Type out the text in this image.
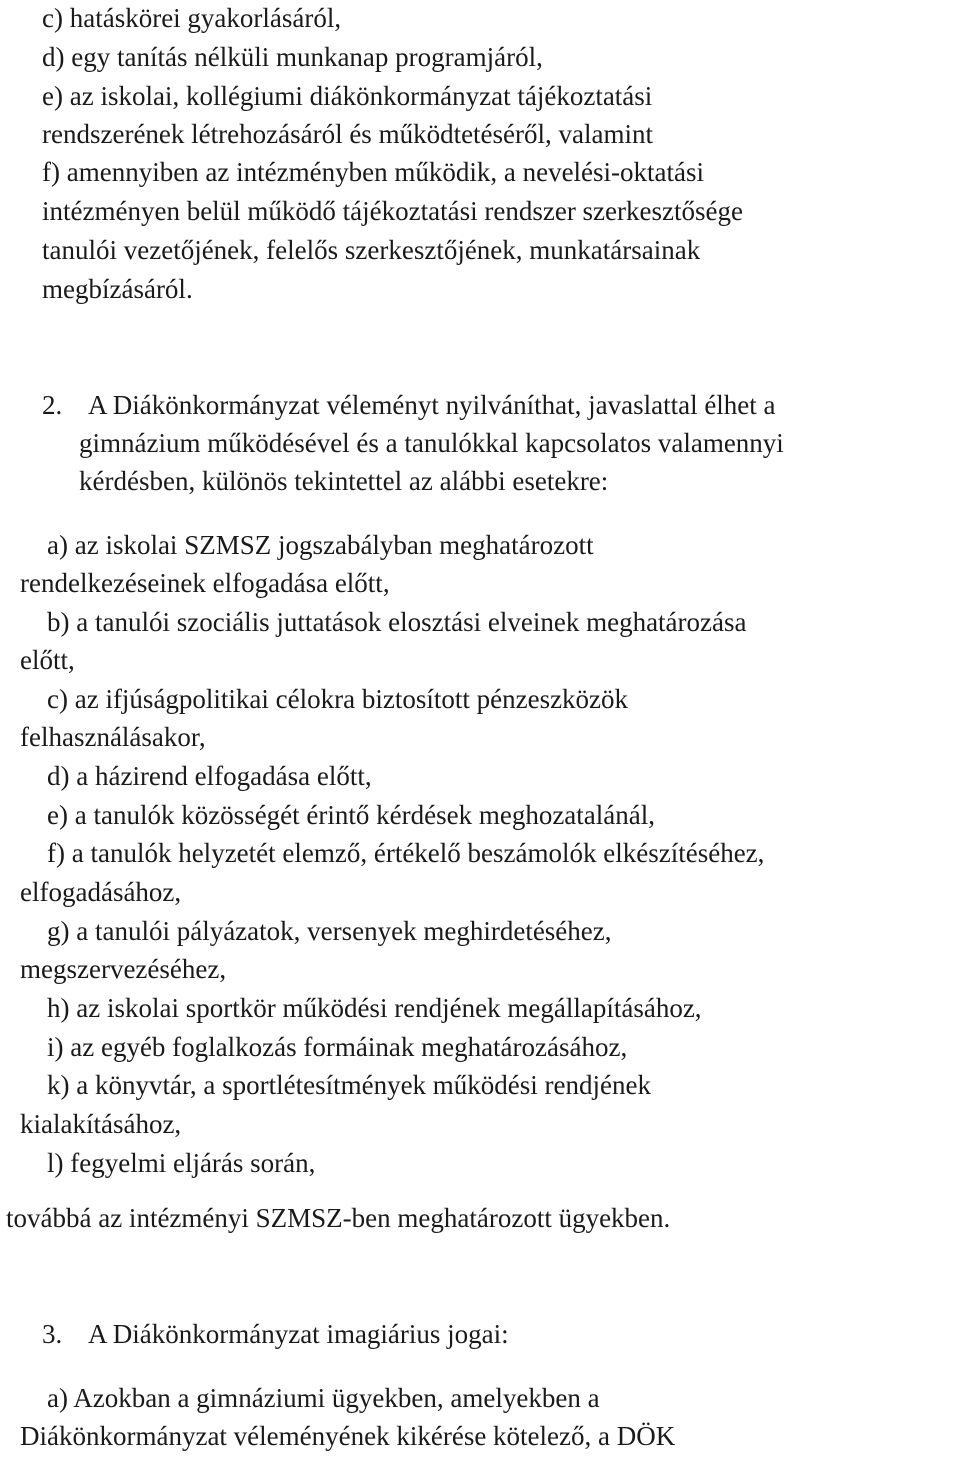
c) hatásköreі gyakorlásáról,

d) egy tanítás nélküli munkanap programjáról,

e) az iskolai, kollégiumi diákönkormányzat tájékoztatási

rendszerének létrehozásáról és működtetéséről, valamint

f) amennyiben az intézményben működik, a nevelési-oktatási

intézményen belül működő tájékoztatási rendszer szerkesztősége

tanulói vezetőjének, felelős szerkesztőjének, munkatársainak

megbízásáról.

2. A Diákönkormányzat véleményt nyilváníthat, javaslattal élhet a

gimnázium működésével és a tanulókkal kapcsolatos valamennyi

kérdésben, különös tekintettel az alábbi esetekre:

a) az iskolai SZMSZ jogszabályban meghatározott

rendelkezéseinek elfogadása előtt,

b) a tanulói szociális juttatások elosztási elveinek meghatározása

előtt,

c) az ifjúságpolitikai célokra biztosított pénzeszközök

felhasználásakor,

d) a házirend elfogadása előtt,

e) a tanulók közösségét érintő kérdések meghozatalánál,

f) a tanulók helyzetét elemző, értékelő beszámolók elkészítéséhez,

elfogadásához,

g) a tanulói pályázatok, versenyek meghirdetéséhez,

megszervezéséhez,

h) az iskolai sportkör működési rendjének megállapításához,

i) az egyéb foglalkozás formáinak meghatározásához,

k) a könyvtár, a sportlétesítmények működési rendjének

kialakításához,

l) fegyelmi eljárás során,

továbbá az intézményi SZMSZ-ben meghatározott ügyekben.

3. A Diákönkormányzat imagiárius jogai:

a) Azokban a gimnáziumi ügyekben, amelyekben a

Diákönkormányzat véleményének kikérése kötelező, a DÖK
